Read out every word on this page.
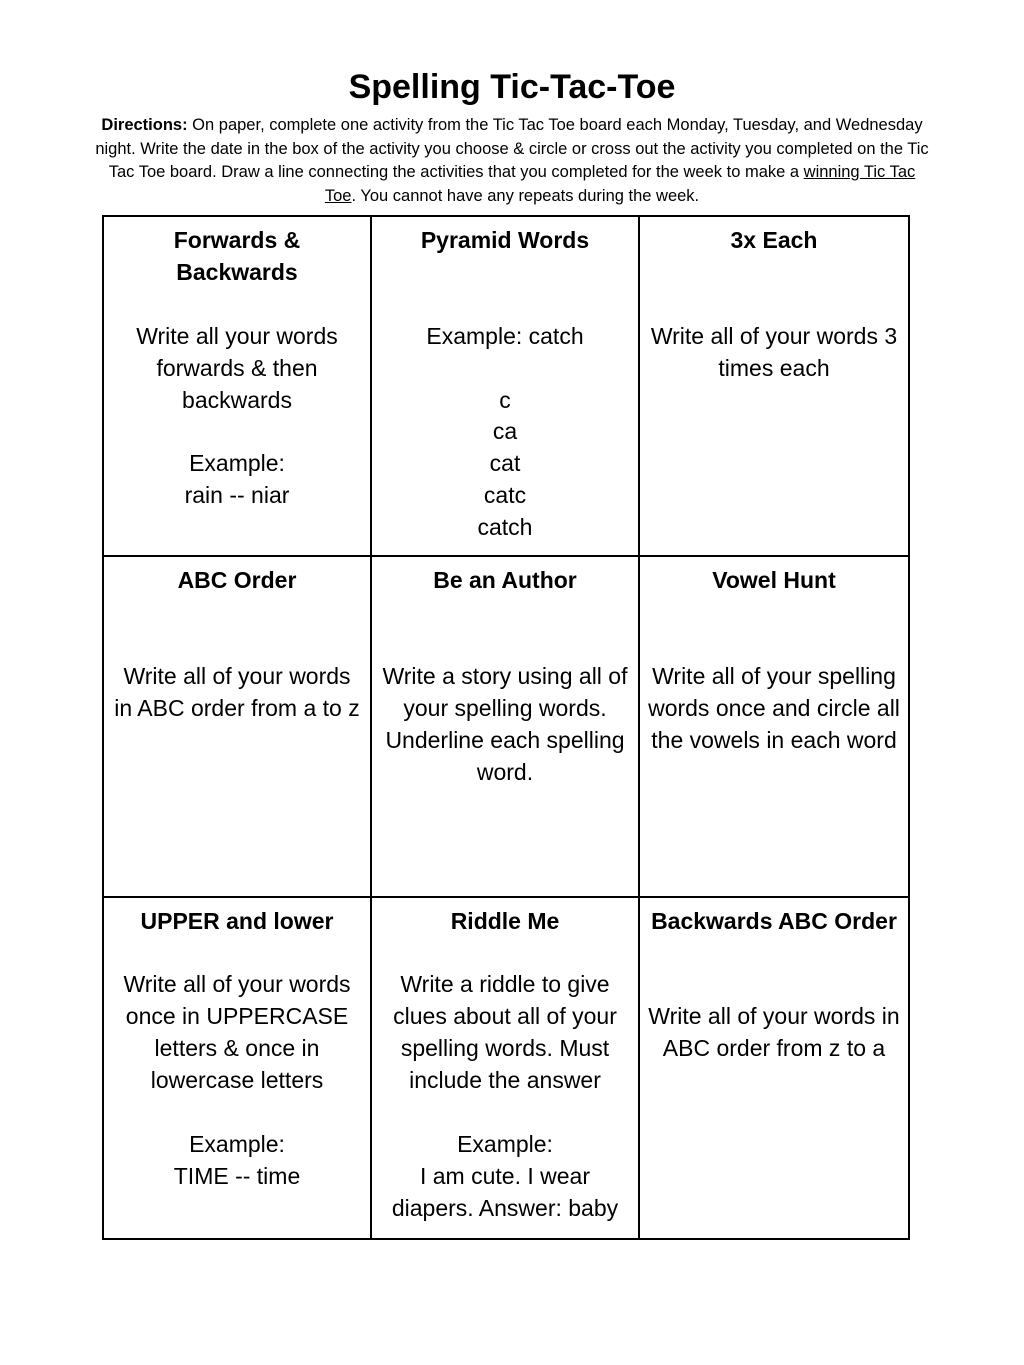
Spelling Tic-Tac-Toe

Directions: On paper, complete one activity from the Tic Tac Toe board each Monday, Tuesday, and Wednesday night. Write the date in the box of the activity you choose & circle or cross out the activity you completed on the Tic Tac Toe board. Draw a line connecting the activities that you completed for the week to make a winning Tic Tac Toe. You cannot have any repeats during the week.

Forwards &
Backwards

Write all your words forwards & then backwards

Example:
rain -- niar
Pyramid Words

Example: catch

c
ca
cat
catc
catch
3x Each

Write all of your words 3 times each
ABC Order

Write all of your words in ABC order from a to z
Be an Author

Write a story using all of your spelling words. Underline each spelling word.
Vowel Hunt

Write all of your spelling words once and circle all the vowels in each word
UPPER and lower

Write all of your words once in UPPERCASE letters & once in lowercase letters

Example:
TIME -- time
Riddle Me

Write a riddle to give clues about all of your spelling words. Must include the answer

Example:
I am cute. I wear diapers. Answer: baby
Backwards ABC Order

Write all of your words in ABC order from z to a
